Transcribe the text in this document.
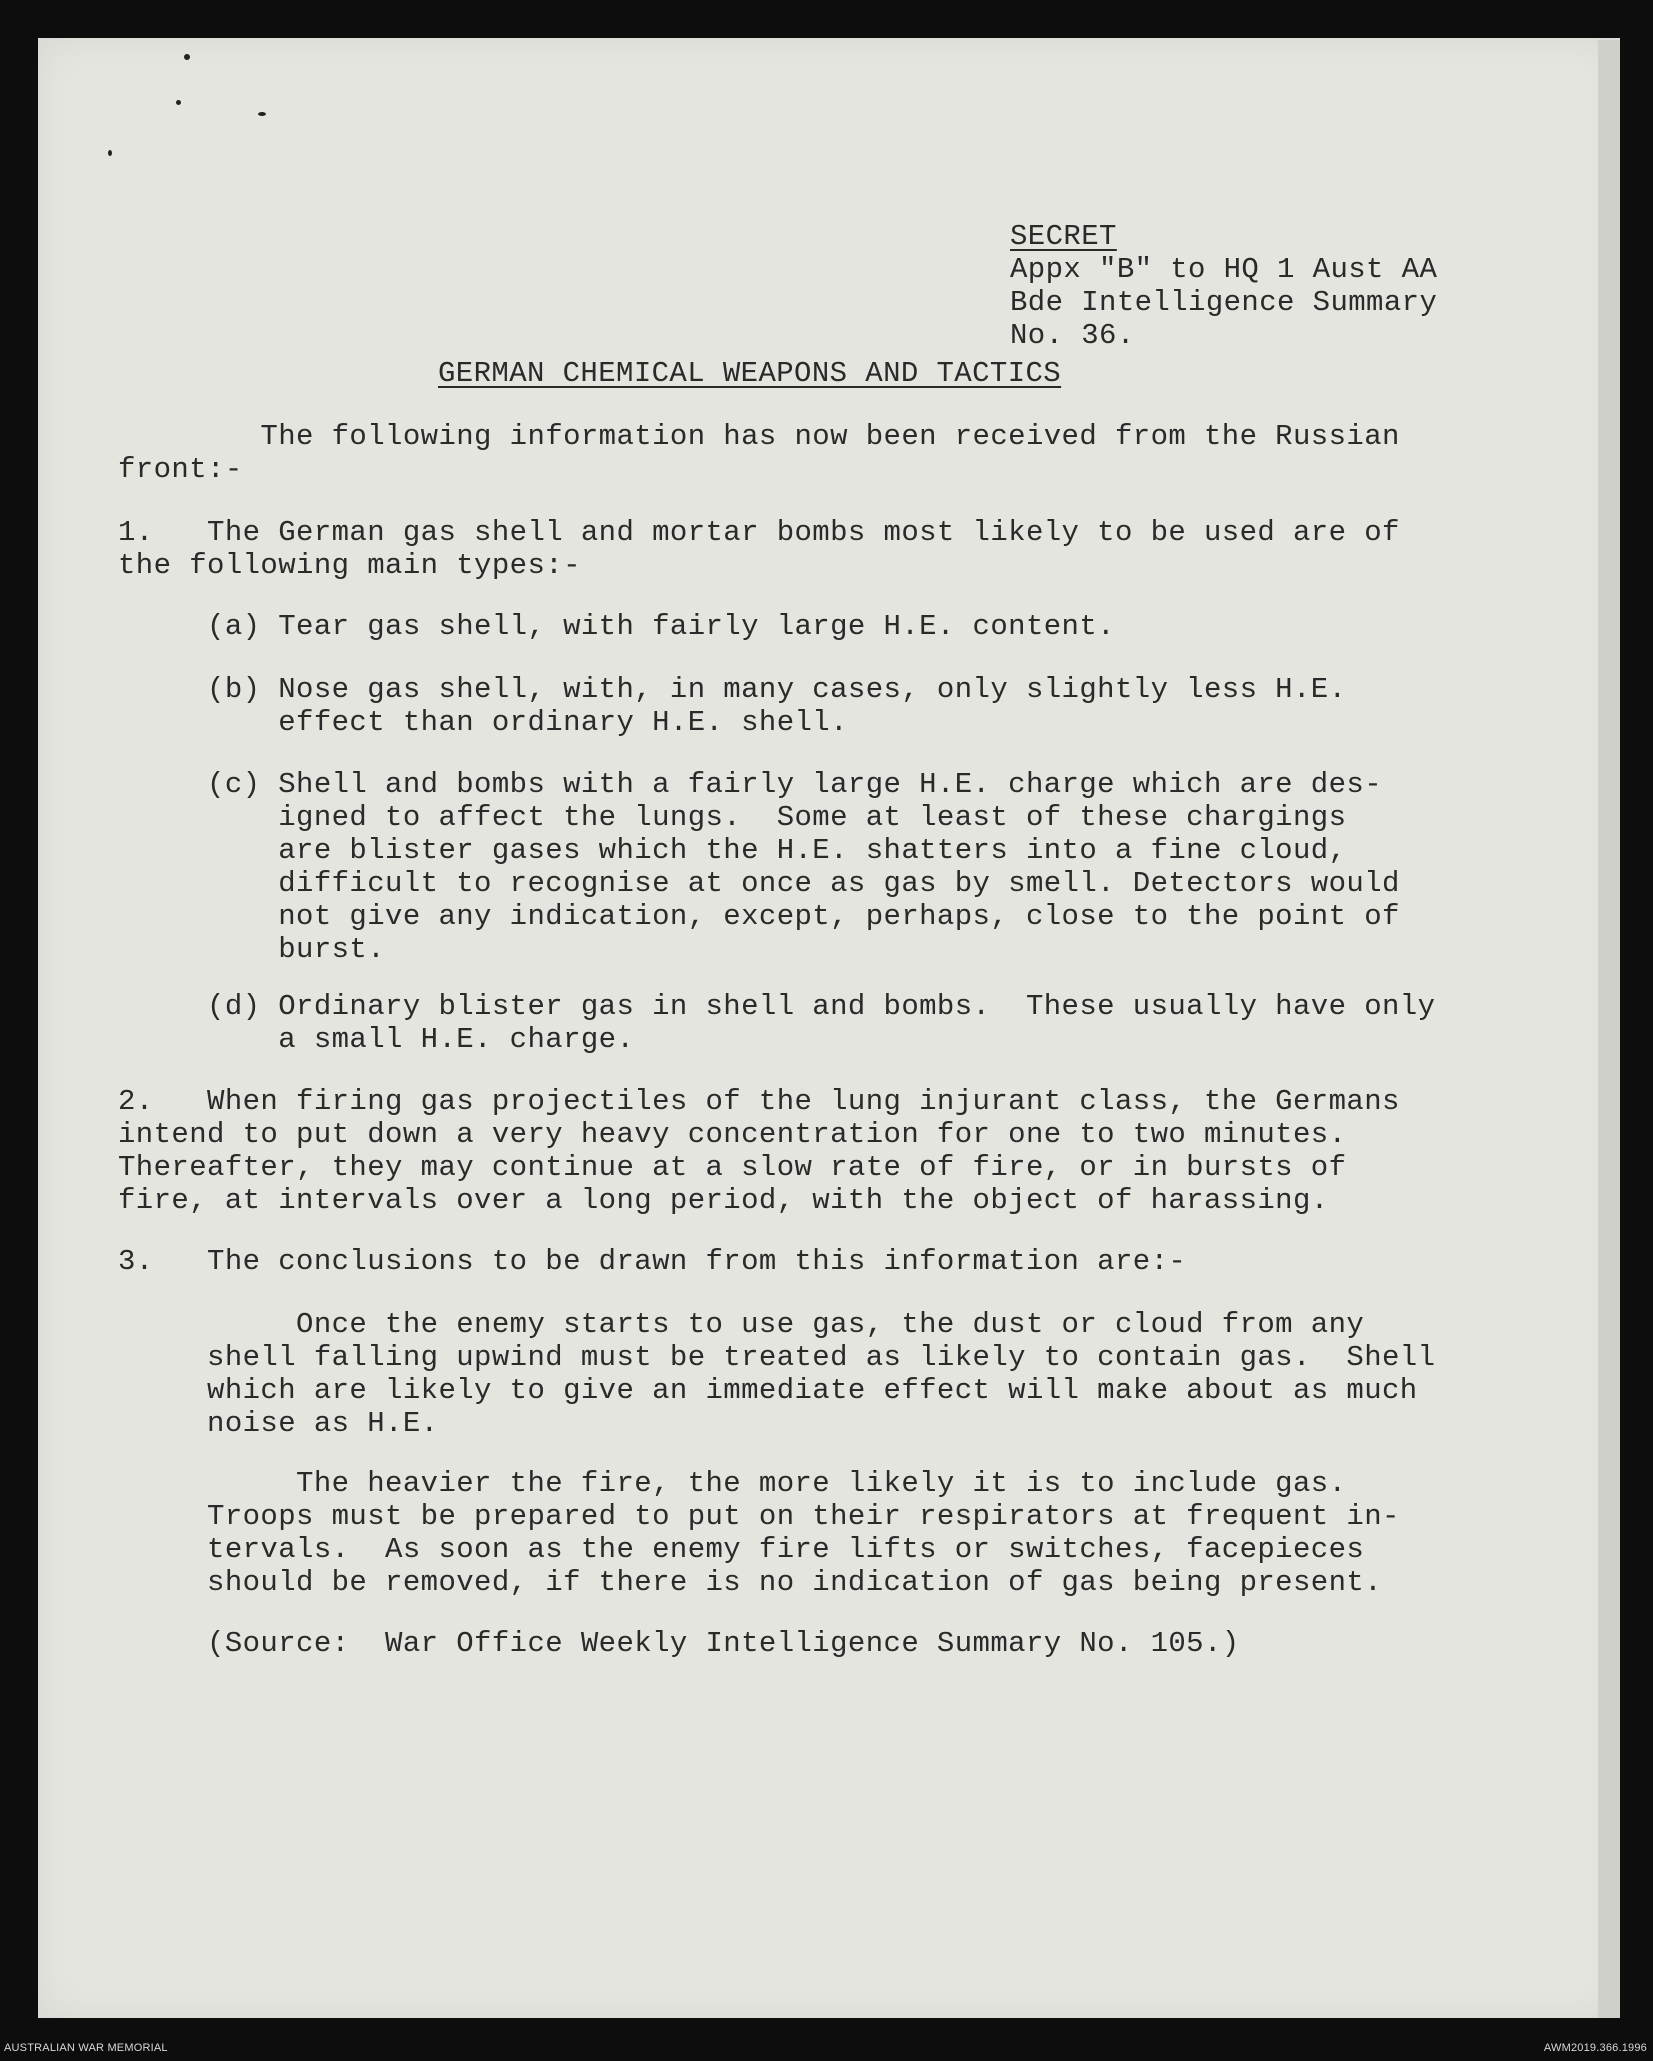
SECRET
Appx "B" to HQ 1 Aust AA
Bde Intelligence Summary
No. 36.
GERMAN CHEMICAL WEAPONS AND TACTICS
The following information has now been received from the Russian
front:-
1.   The German gas shell and mortar bombs most likely to be used are of
the following main types:-
(a) Tear gas shell, with fairly large H.E. content.
(b) Nose gas shell, with, in many cases, only slightly less H.E.
effect than ordinary H.E. shell.
(c) Shell and bombs with a fairly large H.E. charge which are des-
igned to affect the lungs.  Some at least of these chargings
are blister gases which the H.E. shatters into a fine cloud,
difficult to recognise at once as gas by smell. Detectors would
not give any indication, except, perhaps, close to the point of
burst.
(d) Ordinary blister gas in shell and bombs.  These usually have only
a small H.E. charge.
2.   When firing gas projectiles of the lung injurant class, the Germans
intend to put down a very heavy concentration for one to two minutes.
Thereafter, they may continue at a slow rate of fire, or in bursts of
fire, at intervals over a long period, with the object of harassing.
3.   The conclusions to be drawn from this information are:-
Once the enemy starts to use gas, the dust or cloud from any
shell falling upwind must be treated as likely to contain gas.  Shell
which are likely to give an immediate effect will make about as much
noise as H.E.
The heavier the fire, the more likely it is to include gas.
Troops must be prepared to put on their respirators at frequent in-
tervals.  As soon as the enemy fire lifts or switches, facepieces
should be removed, if there is no indication of gas being present.
(Source:  War Office Weekly Intelligence Summary No. 105.)
AUSTRALIAN WAR MEMORIAL	AWM2019.366.1996
